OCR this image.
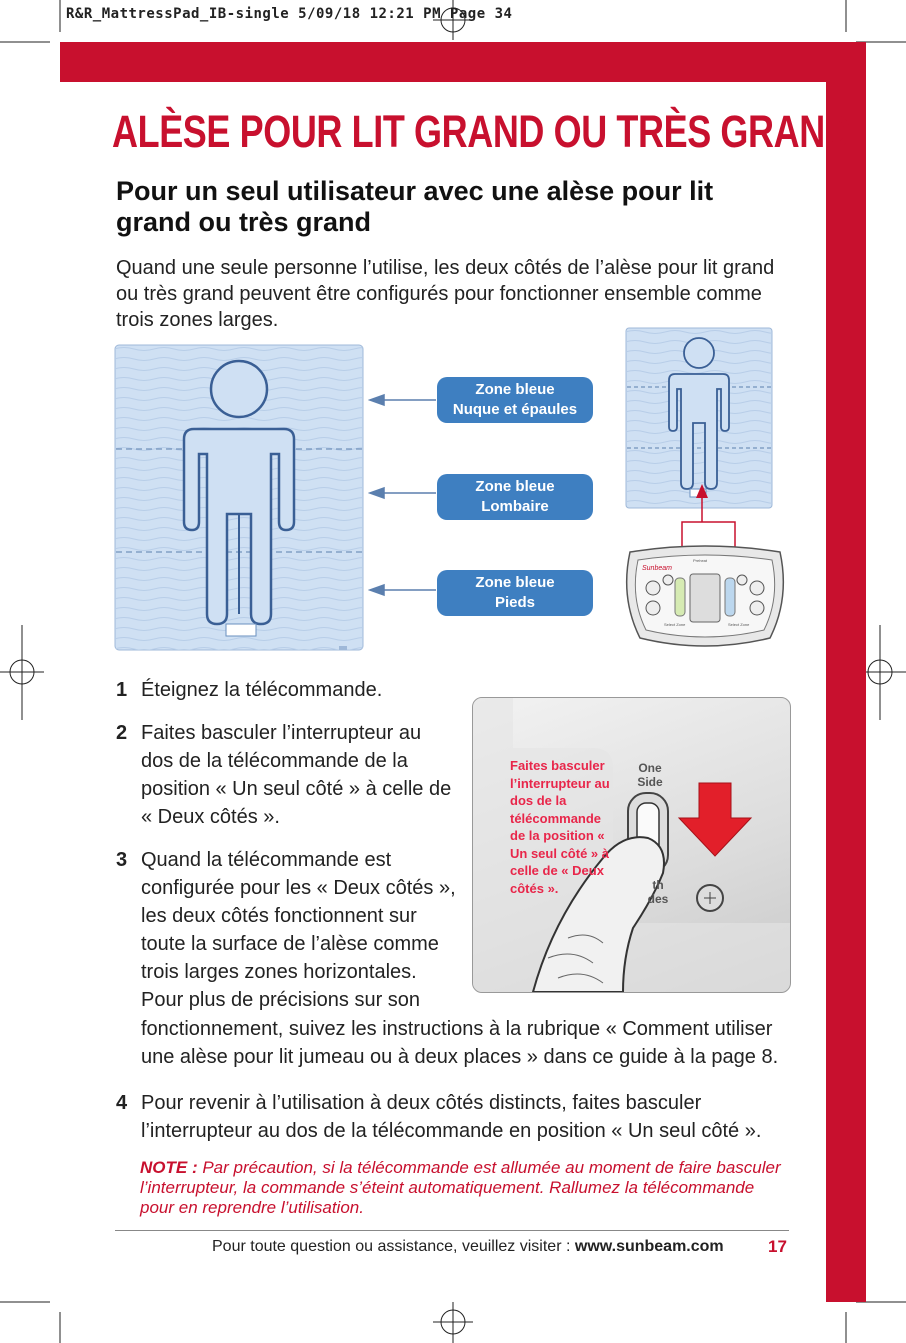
R&R_MattressPad_IB-single 5/09/18 12:21 PM Page 34
ALÈSE POUR LIT GRAND OU TRÈS GRAND
Pour un seul utilisateur avec une alèse pour lit grand ou très grand
Quand une seule personne l’utilise, les deux côtés de l’alèse pour lit grand ou très grand peuvent être configurés pour fonctionner ensemble comme trois zones larges.
Zone bleue
Nuque et épaules
Zone bleue
Lombaire
Zone bleue
Pieds
Sunbeam
Preheat
Select Zone	Select Zone
1 Éteignez la télécommande.
2 Faites basculer l’interrupteur au dos de la télécommande de la position « Un seul côté » à celle de « Deux côtés ».
3 Quand la télécommande est configurée pour les « Deux côtés », les deux côtés fonctionnent sur toute la surface de l’alèse comme trois larges zones horizontales. Pour plus de précisions sur son
fonctionnement, suivez les instructions à la rubrique « Comment utiliser une alèse pour lit jumeau ou à deux places » dans ce guide à la page 8.
4 Pour revenir à l’utilisation à deux côtés distincts, faites basculer l’interrupteur au dos de la télécommande en position « Un seul côté ».
One
Side
th
des
Faites basculer l’interrupteur au dos de la télécommande de la position « Un seul côté » à celle de « Deux côtés ».
NOTE : Par précaution, si la télécommande est allumée au moment de faire basculer l’interrupteur, la commande s’éteint automatiquement. Rallumez la télécommande pour en reprendre l’utilisation.
Pour toute question ou assistance, veuillez visiter : www.sunbeam.com	17
